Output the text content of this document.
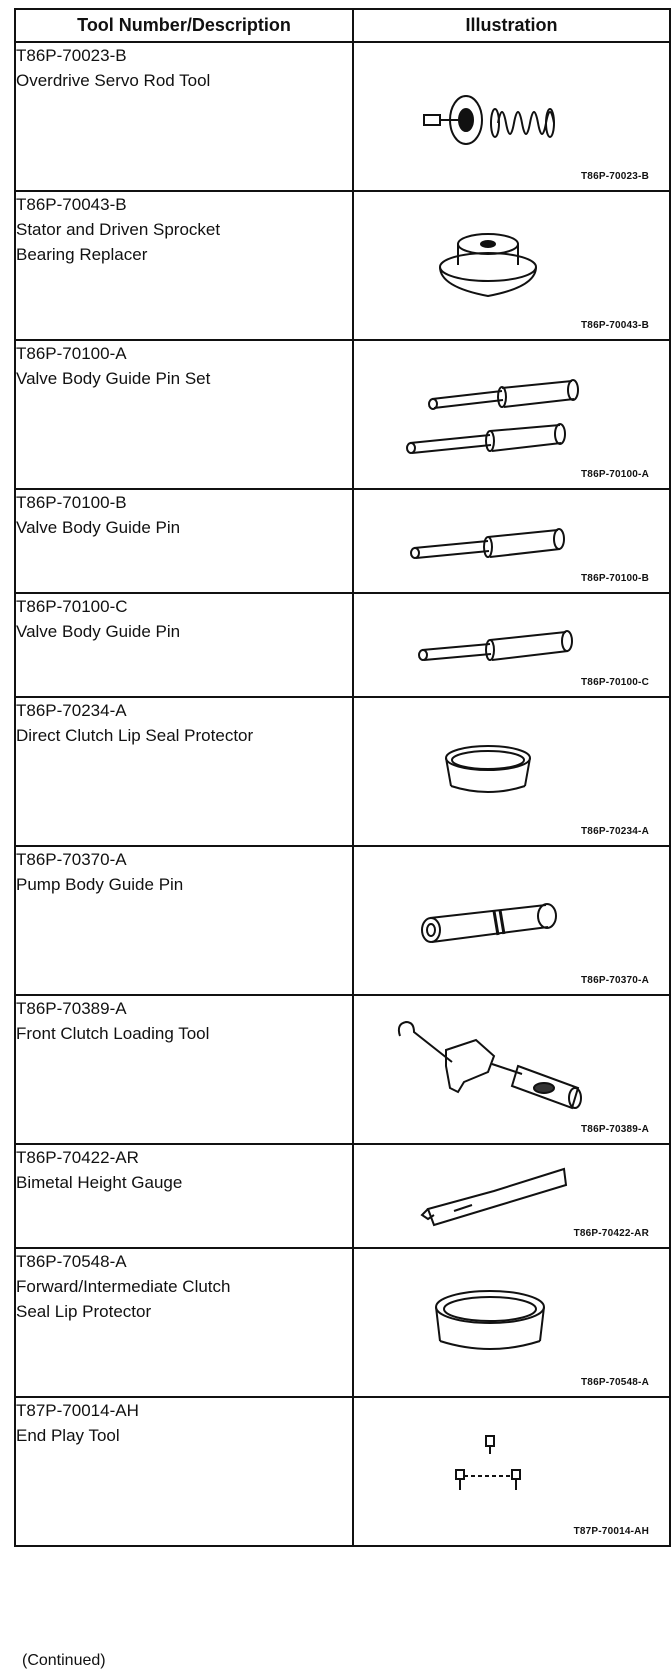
Tool Number/Description	Illustration

T86P-70023-B
Overdrive Servo Rod Tool	T86P-70023-B

T86P-70043-B
Stator and Driven Sprocket
Bearing Replacer	T86P-70043-B

T86P-70100-A
Valve Body Guide Pin Set	T86P-70100-A

T86P-70100-B
Valve Body Guide Pin	T86P-70100-B

T86P-70100-C
Valve Body Guide Pin	T86P-70100-C

T86P-70234-A
Direct Clutch Lip Seal Protector	T86P-70234-A

T86P-70370-A
Pump Body Guide Pin	T86P-70370-A

T86P-70389-A
Front Clutch Loading Tool	T86P-70389-A

T86P-70422-AR
Bimetal Height Gauge	T86P-70422-AR

T86P-70548-A
Forward/Intermediate Clutch
Seal Lip Protector	T86P-70548-A

T87P-70014-AH
End Play Tool	T87P-70014-AH
(Continued)
